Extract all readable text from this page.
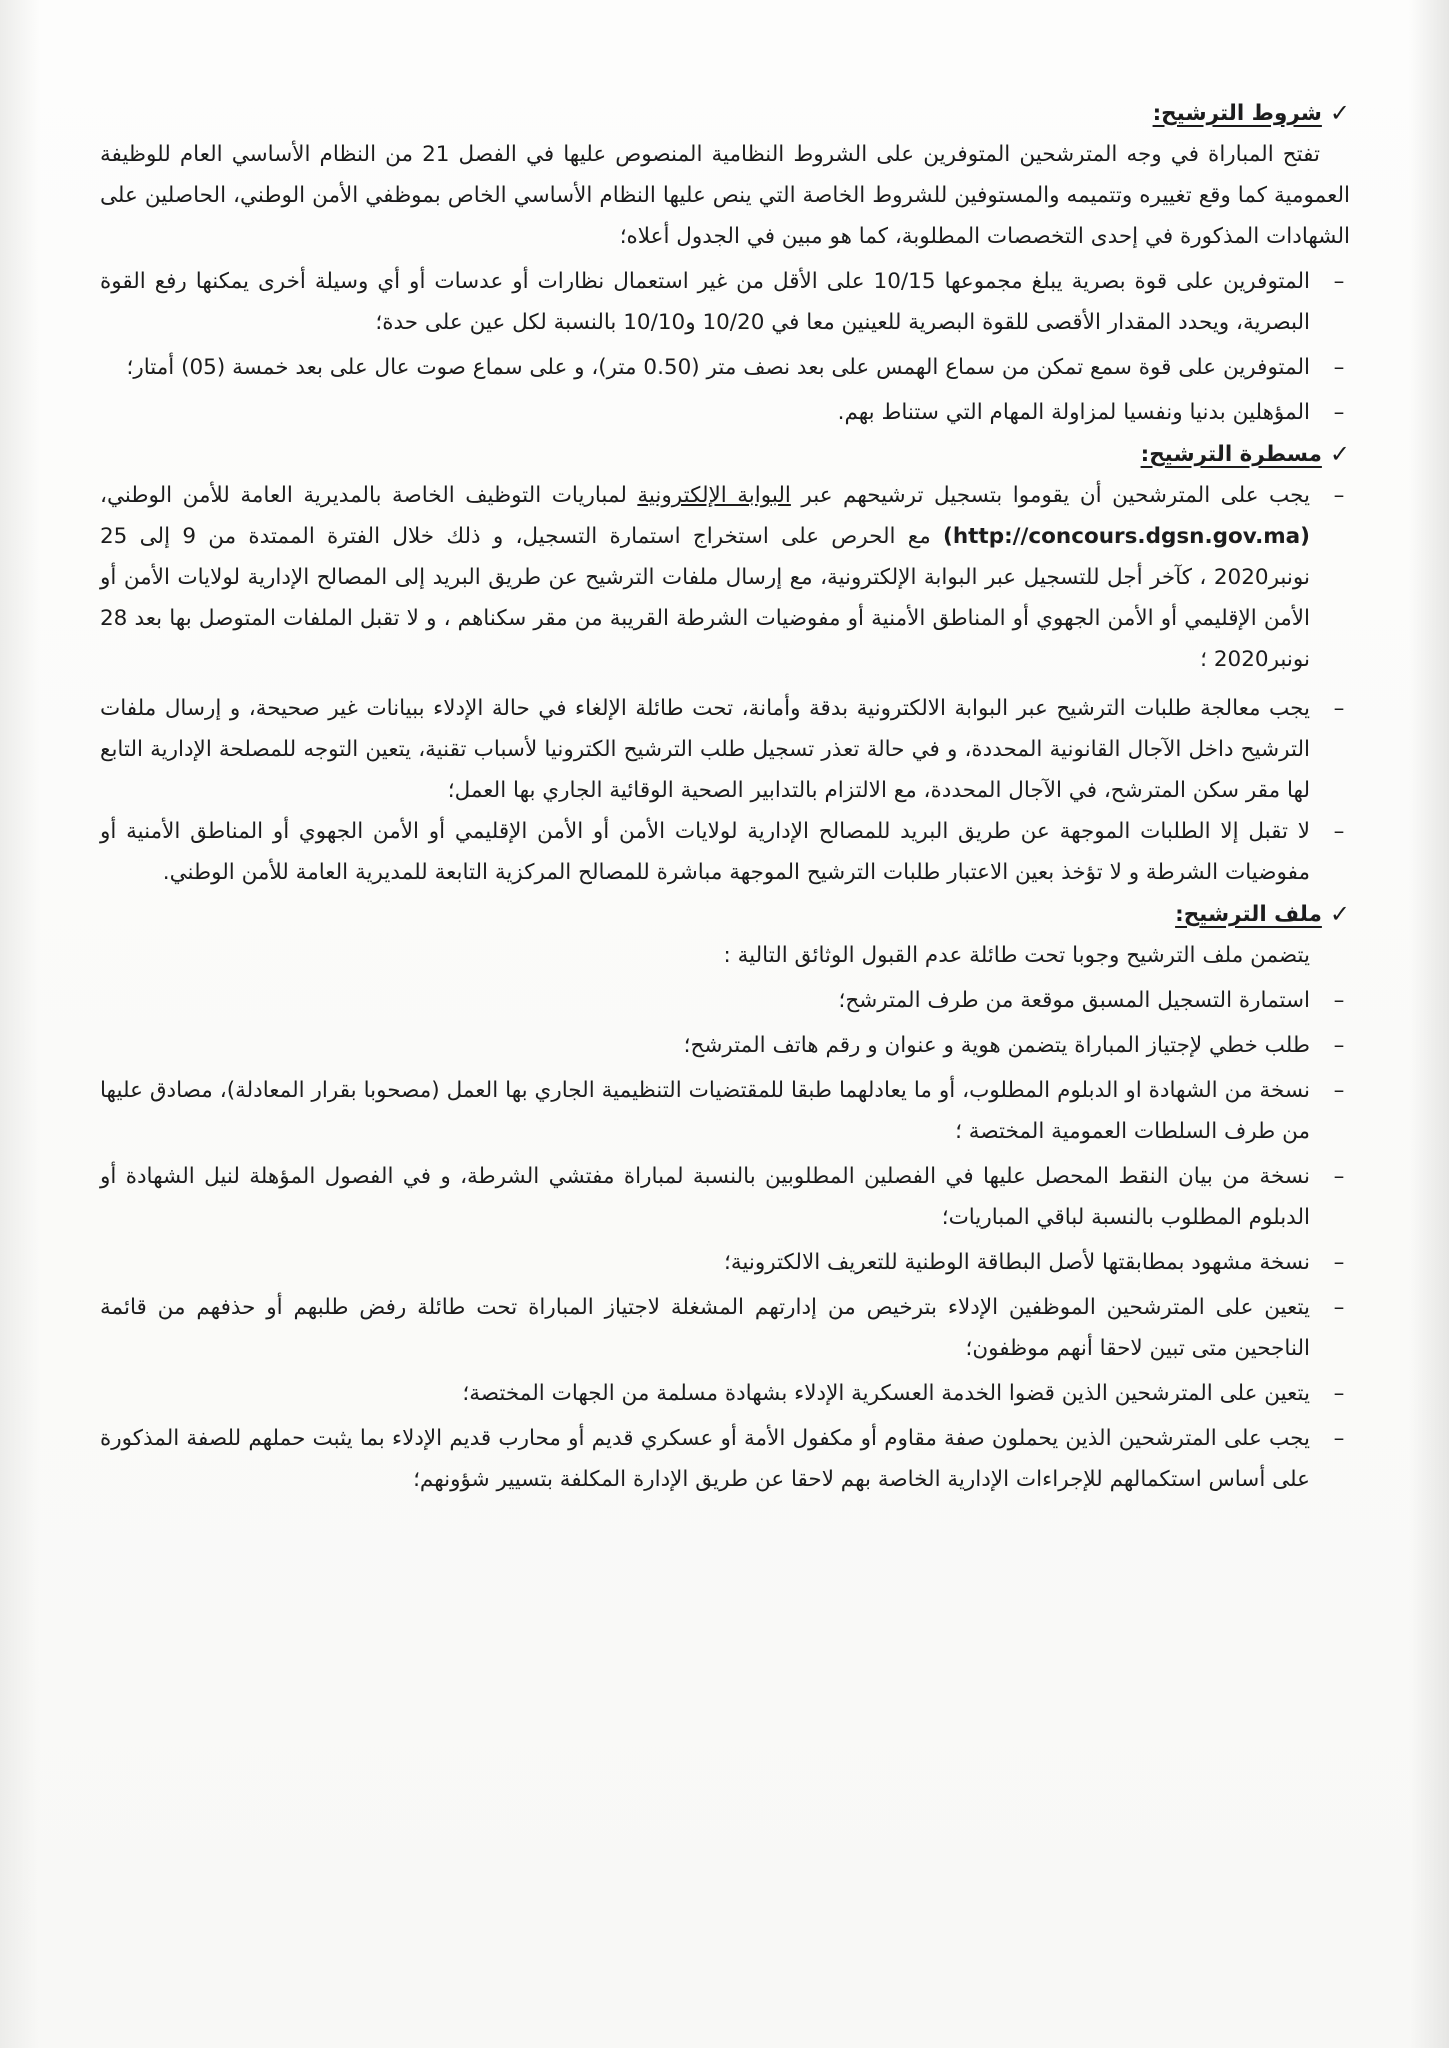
✓
شروط الترشيح:

تفتح المباراة في وجه المترشحين المتوفرين على الشروط النظامية المنصوص عليها في الفصل 21 من النظام الأساسي العام للوظيفة العمومية كما وقع تغييره وتتميمه والمستوفين للشروط الخاصة التي ينص عليها النظام الأساسي الخاص بموظفي الأمن الوطني، الحاصلين على الشهادات المذكورة في إحدى التخصصات المطلوبة، كما هو مبين في الجدول أعلاه؛

–
المتوفرين على قوة بصرية يبلغ مجموعها 10/15 على الأقل من غير استعمال نظارات أو عدسات أو أي وسيلة أخرى يمكنها رفع القوة البصرية، ويحدد المقدار الأقصى للقوة البصرية للعينين معا في 10/20 و10/10 بالنسبة لكل عين على حدة؛
–
المتوفرين على قوة سمع تمكن من سماع الهمس على بعد نصف متر (0.50 متر)، و على سماع صوت عال على بعد خمسة (05) أمتار؛
–
المؤهلين بدنيا ونفسيا لمزاولة المهام التي ستناط بهم.
✓
مسطرة الترشيح:
–
يجب على المترشحين أن يقوموا بتسجيل ترشيحهم عبر البوابة الإلكترونية لمباريات التوظيف الخاصة بالمديرية العامة للأمن الوطني، (http://concours.dgsn.gov.ma) مع الحرص على استخراج استمارة التسجيل، و ذلك خلال الفترة الممتدة من 9 إلى 25 نونبر2020 ، كآخر أجل للتسجيل عبر البوابة الإلكترونية، مع إرسال ملفات الترشيح عن طريق البريد إلى المصالح الإدارية لولايات الأمن أو الأمن الإقليمي أو الأمن الجهوي أو المناطق الأمنية أو مفوضيات الشرطة القريبة من مقر سكناهم ، و لا تقبل الملفات المتوصل بها بعد 28 نونبر2020 ؛
–
يجب معالجة طلبات الترشيح عبر البوابة الالكترونية بدقة وأمانة، تحت طائلة الإلغاء في حالة الإدلاء ببيانات غير صحيحة، و إرسال ملفات الترشيح داخل الآجال القانونية المحددة، و في حالة تعذر تسجيل طلب الترشيح الكترونيا لأسباب تقنية، يتعين التوجه للمصلحة الإدارية التابع لها مقر سكن المترشح، في الآجال المحددة، مع الالتزام بالتدابير الصحية الوقائية الجاري بها العمل؛
–
لا تقبل إلا الطلبات الموجهة عن طريق البريد للمصالح الإدارية لولايات الأمن أو الأمن الإقليمي أو الأمن الجهوي أو المناطق الأمنية أو مفوضيات الشرطة و لا تؤخذ بعين الاعتبار طلبات الترشيح الموجهة مباشرة للمصالح المركزية التابعة للمديرية العامة للأمن الوطني.
✓
ملف الترشيح:

يتضمن ملف الترشيح وجوبا تحت طائلة عدم القبول الوثائق التالية :

–
استمارة التسجيل المسبق موقعة من طرف المترشح؛
–
طلب خطي لإجتياز المباراة يتضمن هوية و عنوان و رقم هاتف المترشح؛
–
نسخة من الشهادة او الدبلوم المطلوب، أو ما يعادلهما طبقا للمقتضيات التنظيمية الجاري بها العمل (مصحوبا بقرار المعادلة)، مصادق عليها من طرف السلطات العمومية المختصة ؛
–
نسخة من بيان النقط المحصل عليها في الفصلين المطلوبين بالنسبة لمباراة مفتشي الشرطة، و في الفصول المؤهلة لنيل الشهادة أو الدبلوم المطلوب بالنسبة لباقي المباريات؛
–
نسخة مشهود بمطابقتها لأصل البطاقة الوطنية للتعريف الالكترونية؛
–
يتعين على المترشحين الموظفين الإدلاء بترخيص من إدارتهم المشغلة لاجتياز المباراة تحت طائلة رفض طلبهم أو حذفهم من قائمة الناجحين متى تبين لاحقا أنهم موظفون؛
–
يتعين على المترشحين الذين قضوا الخدمة العسكرية الإدلاء بشهادة مسلمة من الجهات المختصة؛
–
يجب على المترشحين الذين يحملون صفة مقاوم أو مكفول الأمة أو عسكري قديم أو محارب قديم الإدلاء بما يثبت حملهم للصفة المذكورة على أساس استكمالهم للإجراءات الإدارية الخاصة بهم لاحقا عن طريق الإدارة المكلفة بتسيير شؤونهم؛
